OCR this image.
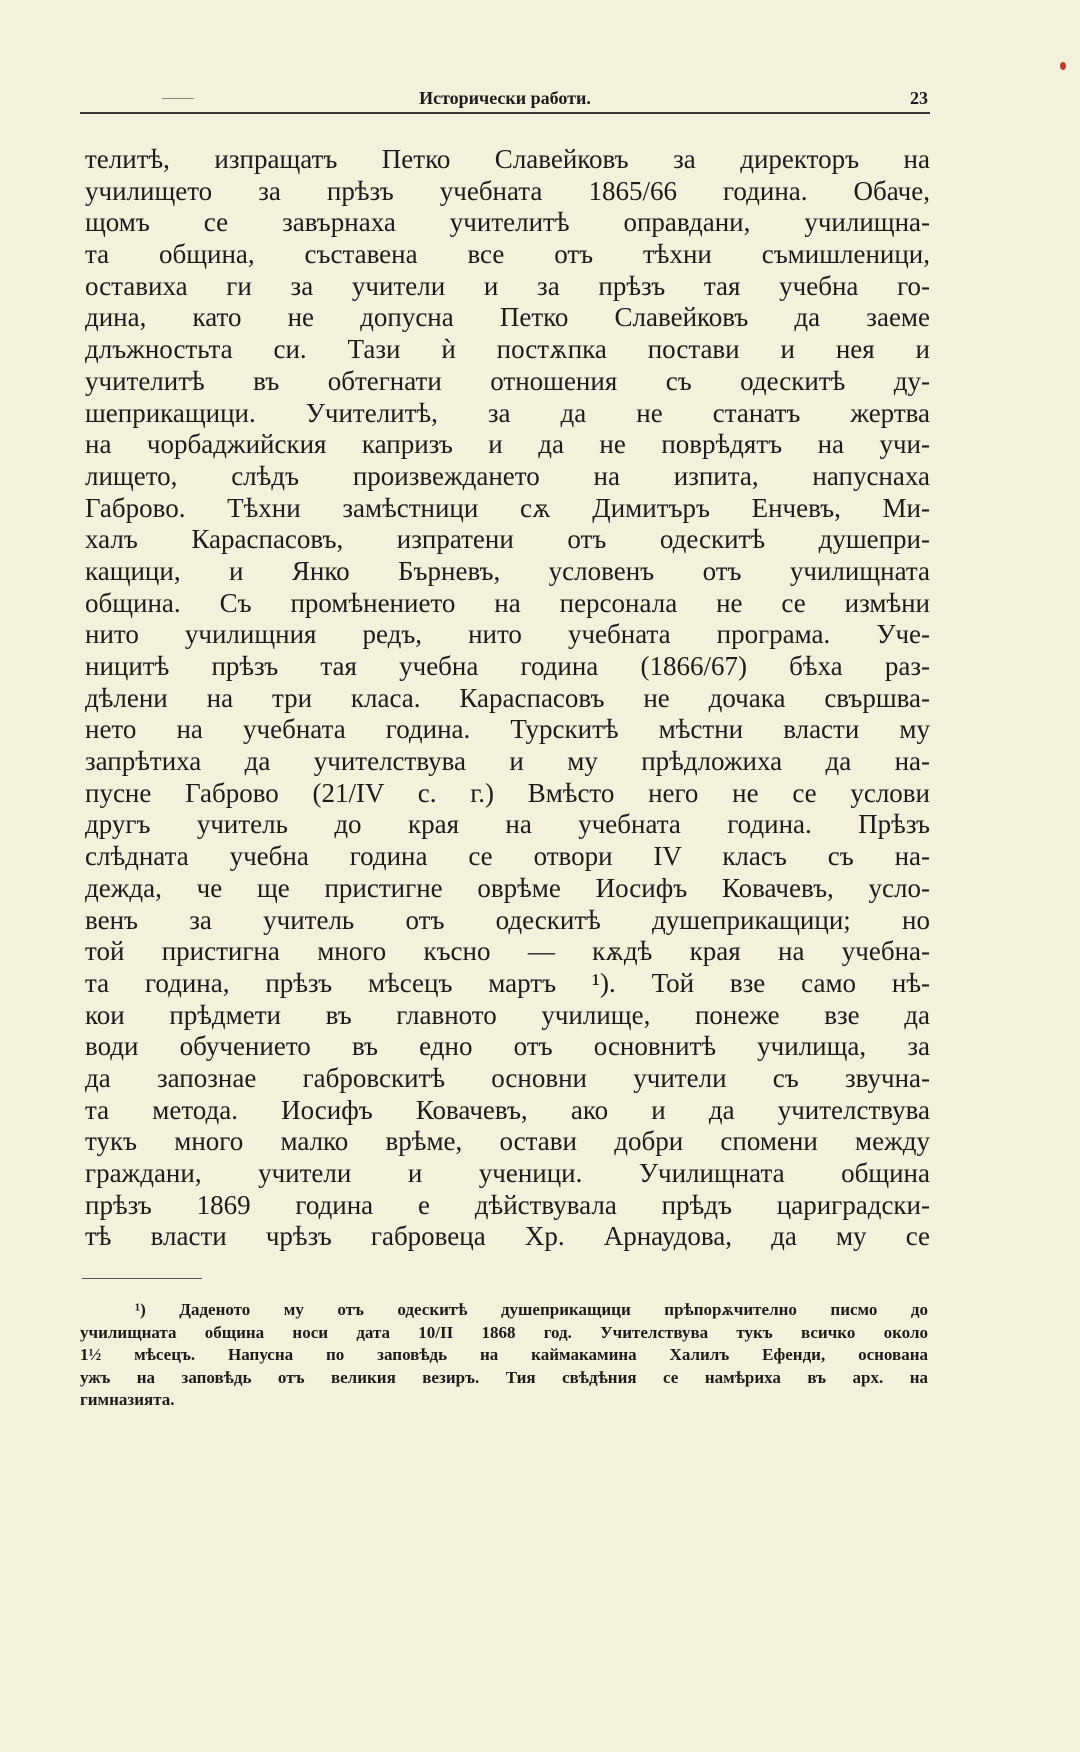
Исторически работи.	23
телитѣ, изпращатъ Петко Славейковъ за директоръ на
училището за прѣзъ учебната 1865/66 година. Обаче,
щомъ се завърнаха учителитѣ оправдани, училищна-
та община, съставена все отъ тѣхни съмишленици,
оставиха ги за учители и за прѣзъ тая учебна го-
дина, като не допусна Петко Славейковъ да заеме
длъжностьта си. Тази ѝ постѫпка постави и нея и
учителитѣ въ обтегнати отношения съ одескитѣ ду-
шеприкащици. Учителитѣ, за да не станатъ жертва
на чорбаджийския капризъ и да не поврѣдятъ на учи-
лището, слѣдъ произвеждането на изпита, напуснаха
Габрово. Тѣхни замѣстници сѫ Димитъръ Енчевъ, Ми-
халъ Караспасовъ, изпратени отъ одескитѣ душепри-
кащици, и Янко Бърневъ, условенъ отъ училищната
община. Съ промѣнението на персонала не се измѣни
нито училищния редъ, нито учебната програма. Уче-
ницитѣ прѣзъ тая учебна година (1866/67) бѣха раз-
дѣлени на три класа. Караспасовъ не дочака свършва-
нето на учебната година. Турскитѣ мѣстни власти му
запрѣтиха да учителствува и му прѣдложиха да на-
пусне Габрово (21/IV с. г.) Вмѣсто него не се услови
другъ учитель до края на учебната година. Прѣзъ
слѣдната учебна година се отвори IV класъ съ на-
дежда, че ще пристигне оврѣме Иосифъ Ковачевъ, усло-
венъ за учитель отъ одескитѣ душеприкащици; но
той пристигна много късно — кѫдѣ края на учебна-
та година, прѣзъ мѣсецъ мартъ ¹). Той взе само нѣ-
кои прѣдмети въ главното училище, понеже взе да
води обучението въ едно отъ основнитѣ училища, за
да запознае габровскитѣ основни учители съ звучна-
та метода. Иосифъ Ковачевъ, ако и да учителствува
тукъ много малко врѣме, остави добри спомени между
граждани, учители и ученици. Училищната община
прѣзъ 1869 година е дѣйствувала прѣдъ цариградски-
тѣ власти чрѣзъ габровеца Хр. Арнаудова, да му се
¹) Даденото му отъ одескитѣ душеприкащици прѣпорѫчително писмо до
училищната община носи дата 10/II 1868 год. Учителствува тукъ всичко около
1½ мѣсецъ. Напусна по заповѣдь на каймакамина Халилъ Ефенди, основана
ужъ на заповѣдь отъ великия везиръ. Тия свѣдѣния се намѣриха въ арх. на
гимназията.
